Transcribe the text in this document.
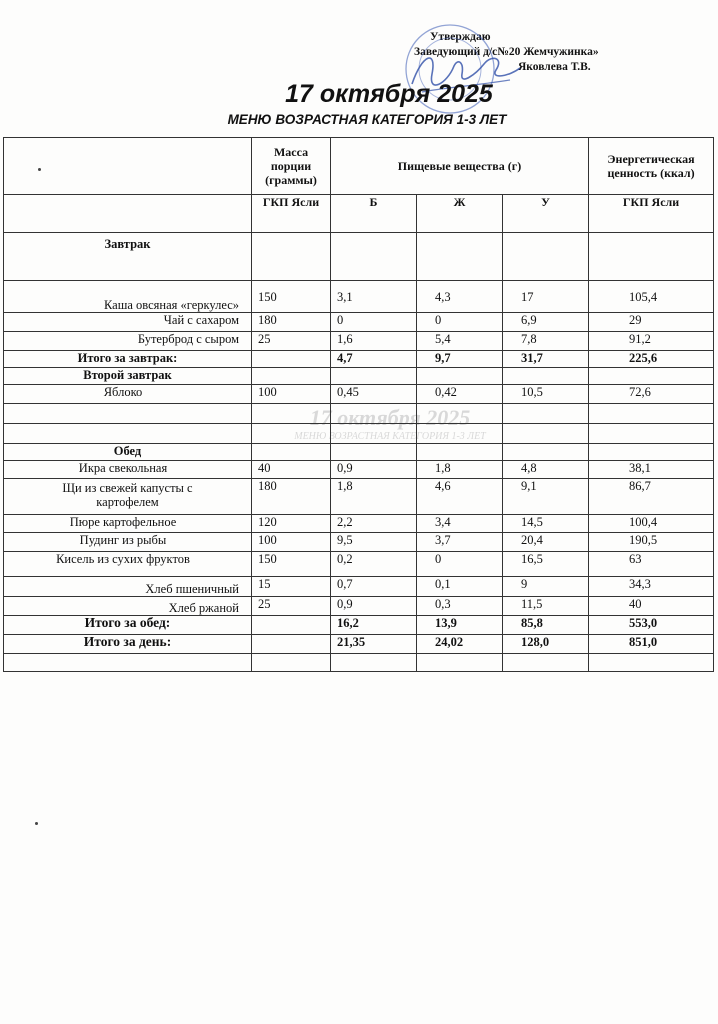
Утверждаю
Заведующий д/с№20 Жемчужинка»
Яковлева Т.В.
17 октября 2025
МЕНЮ ВОЗРАСТНАЯ КАТЕГОРИЯ 1-3 ЛЕТ
17 октября 2025
МЕНЮ ВОЗРАСТНАЯ КАТЕГОРИЯ 1-3 ЛЕТ
	Масса порции (граммы)	Пищевые вещества (г)			Энергетическая ценность (ккал)
	ГКП Ясли	Б	Ж	У	ГКП Ясли
Завтрак					
Каша овсяная «геркулес»	150	3,1	4,3	17	105,4
Чай с сахаром	180	0	0	6,9	29
Бутерброд с сыром	25	1,6	5,4	7,8	91,2
Итого за завтрак:		4,7	9,7	31,7	225,6
Второй завтрак					
Яблоко	100	0,45	0,42	10,5	72,6

Обед					
Икра свекольная	40	0,9	1,8	4,8	38,1
Щи из свежей капусты с картофелем	180	1,8	4,6	9,1	86,7
Пюре картофельное	120	2,2	3,4	14,5	100,4
Пудинг из рыбы	100	9,5	3,7	20,4	190,5
Кисель из сухих фруктов	150	0,2	0	16,5	63
Хлеб пшеничный	15	0,7	0,1	9	34,3
Хлеб ржаной	25	0,9	0,3	11,5	40
Итого за обед:		16,2	13,9	85,8	553,0
Итого за день:		21,35	24,02	128,0	851,0
